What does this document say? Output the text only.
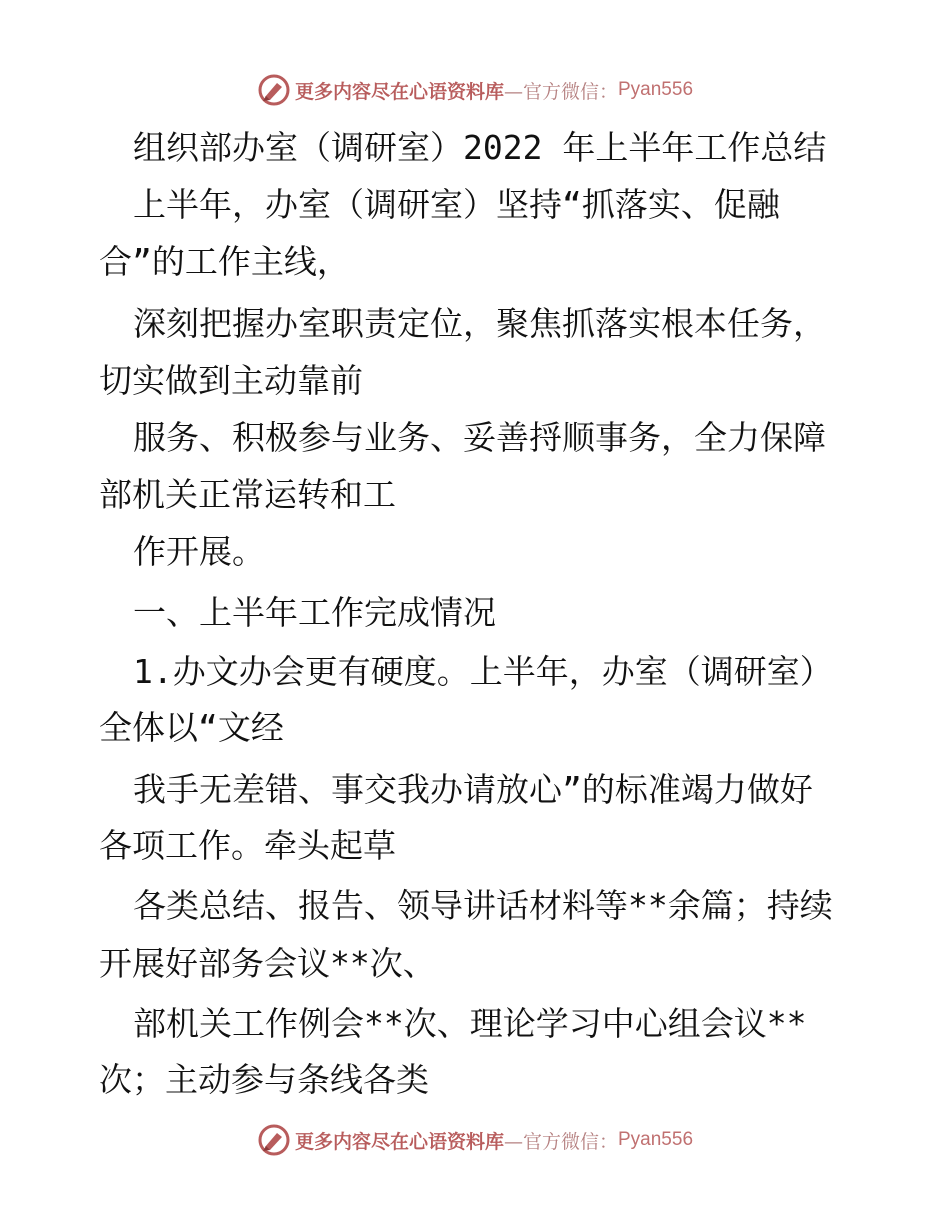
更多内容尽在心语资料库 —官方微信： Pyan556
组织部办室（调研室）2022 年上半年工作总结
上半年，办室（调研室）坚持“抓落实、促融
合”的工作主线，
深刻把握办室职责定位，聚焦抓落实根本任务，
切实做到主动靠前
服务、积极参与业务、妥善捋顺事务，全力保障
部机关正常运转和工
作开展。
一、上半年工作完成情况
1.办文办会更有硬度。上半年，办室（调研室）
全体以“文经
我手无差错、事交我办请放心”的标准竭力做好
各项工作。牵头起草
各类总结、报告、领导讲话材料等**余篇；持续
开展好部务会议**次、
部机关工作例会**次、理论学习中心组会议**
次；主动参与条线各类
更多内容尽在心语资料库 —官方微信： Pyan556
